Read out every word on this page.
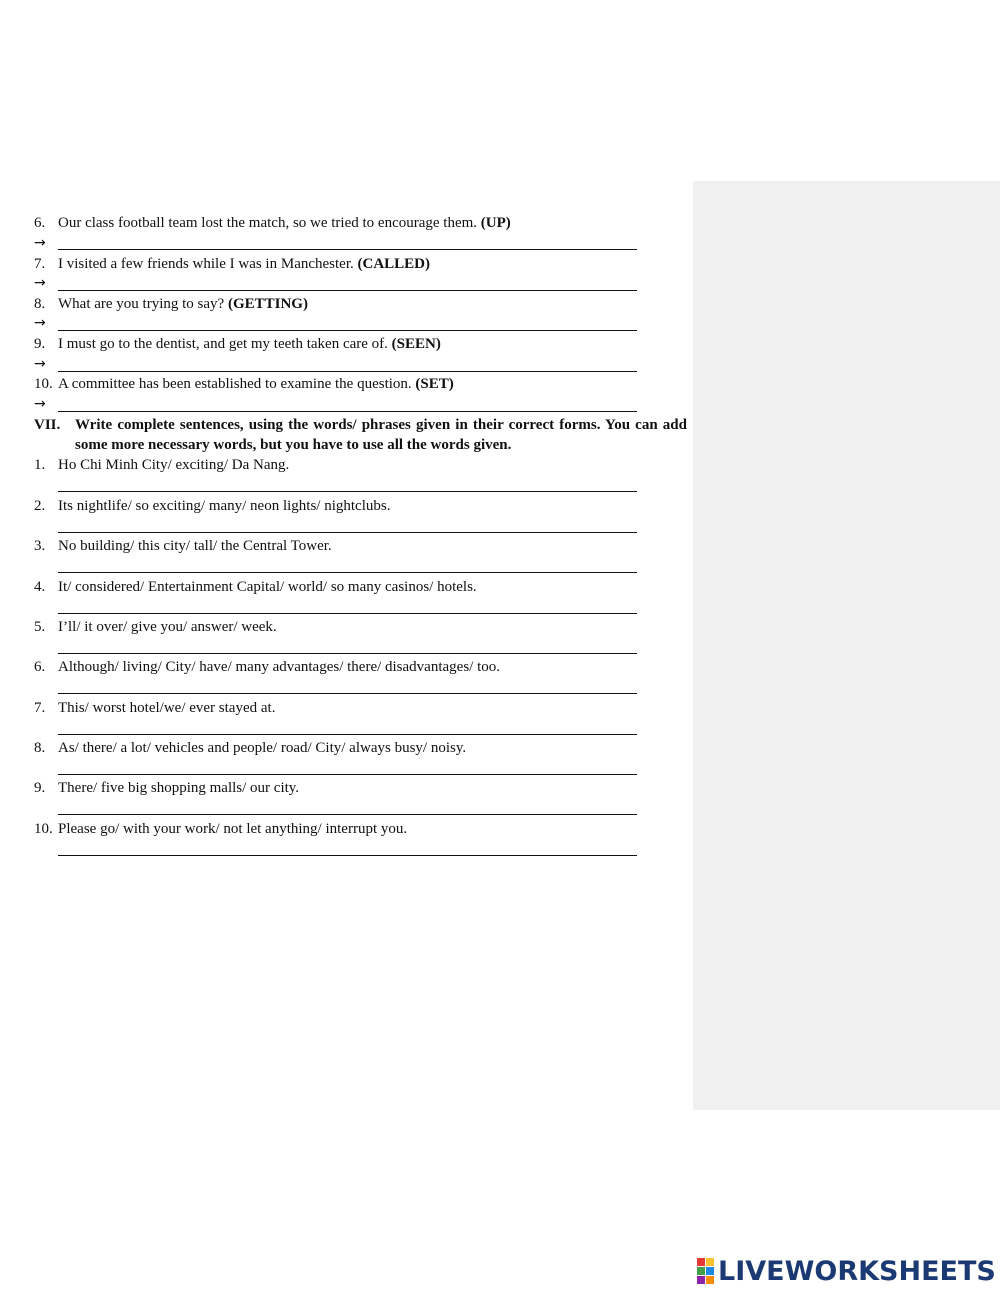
6. Our class football team lost the match, so we tried to encourage them. (UP)
→
7. I visited a few friends while I was in Manchester. (CALLED)
→
8. What are you trying to say? (GETTING)
→
9. I must go to the dentist, and get my teeth taken care of. (SEEN)
→
10. A committee has been established to examine the question. (SET)
→
VII. Write complete sentences, using the words/ phrases given in their correct forms. You can add some more necessary words, but you have to use all the words given.
1. Ho Chi Minh City/ exciting/ Da Nang.
2. Its nightlife/ so exciting/ many/ neon lights/ nightclubs.
3. No building/ this city/ tall/ the Central Tower.
4. It/ considered/ Entertainment Capital/ world/ so many casinos/ hotels.
5. I’ll/ it over/ give you/ answer/ week.
6. Although/ living/ City/ have/ many advantages/ there/ disadvantages/ too.
7. This/ worst hotel/we/ ever stayed at.
8. As/ there/ a lot/ vehicles and people/ road/ City/ always busy/ noisy.
9. There/ five big shopping malls/ our city.
10. Please go/ with your work/ not let anything/ interrupt you.
LIVEWORKSHEETS
